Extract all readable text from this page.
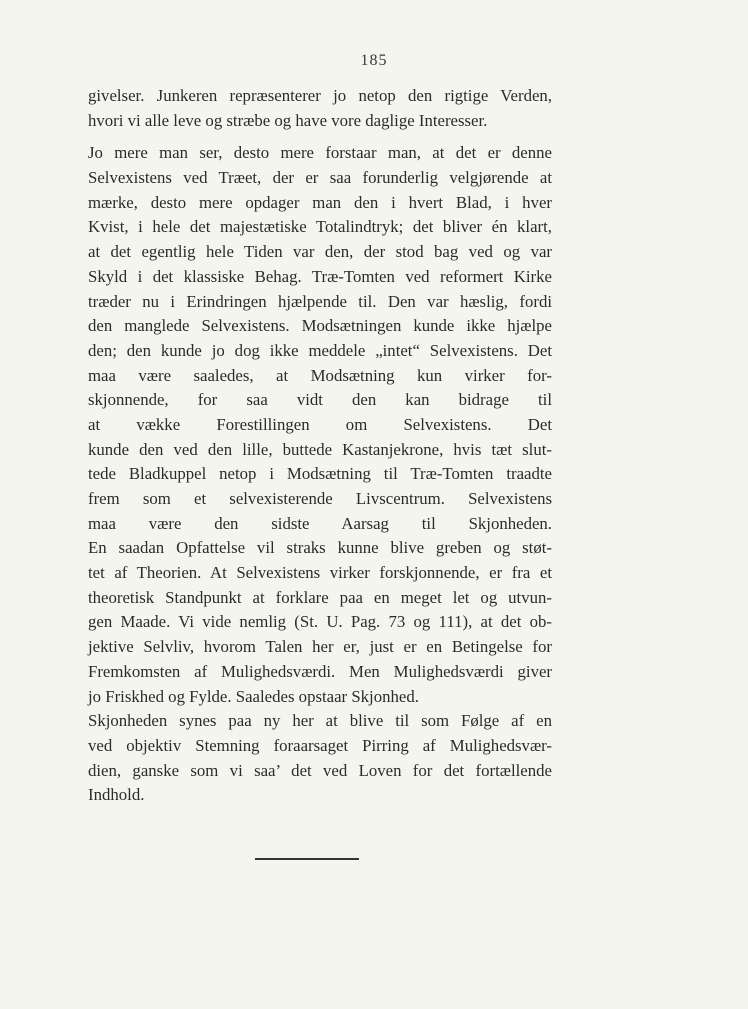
185
givelser. Junkeren repræsenterer jo netop den rigtige Verden,
hvori vi alle leve og stræbe og have vore daglige Interesser.
Jo mere man ser, desto mere forstaar man, at det er denne
Selvexistens ved Træet, der er saa forunderlig velgjørende at
mærke, desto mere opdager man den i hvert Blad, i hver
Kvist, i hele det majestætiske Totalindtryk; det bliver én klart,
at det egentlig hele Tiden var den, der stod bag ved og var
Skyld i det klassiske Behag. Træ-Tomten ved reformert Kirke
træder nu i Erindringen hjælpende til. Den var hæslig, fordi
den manglede Selvexistens. Modsætningen kunde ikke hjælpe
den; den kunde jo dog ikke meddele „intet“ Selvexistens. Det
maa være saaledes, at Modsætning kun virker for-
skjonnende, for saa vidt den kan bidrage til
at vække Forestillingen om Selvexistens. Det
kunde den ved den lille, buttede Kastanjekrone, hvis tæt slut-
tede Bladkuppel netop i Modsætning til Træ-Tomten traadte
frem som et selvexisterende Livscentrum. Selvexistens
maa være den sidste Aarsag til Skjonheden.
En saadan Opfattelse vil straks kunne blive greben og støt-
tet af Theorien. At Selvexistens virker forskjonnende, er fra et
theoretisk Standpunkt at forklare paa en meget let og utvun-
gen Maade. Vi vide nemlig (St. U. Pag. 73 og 111), at det ob-
jektive Selvliv, hvorom Talen her er, just er en Betingelse for
Fremkomsten af Mulighedsværdi. Men Mulighedsværdi giver
jo Friskhed og Fylde. Saaledes opstaar Skjonhed.
Skjonheden synes paa ny her at blive til som Følge af en
ved objektiv Stemning foraarsaget Pirring af Mulighedsvær-
dien, ganske som vi saa’ det ved Loven for det fortællende
Indhold.
